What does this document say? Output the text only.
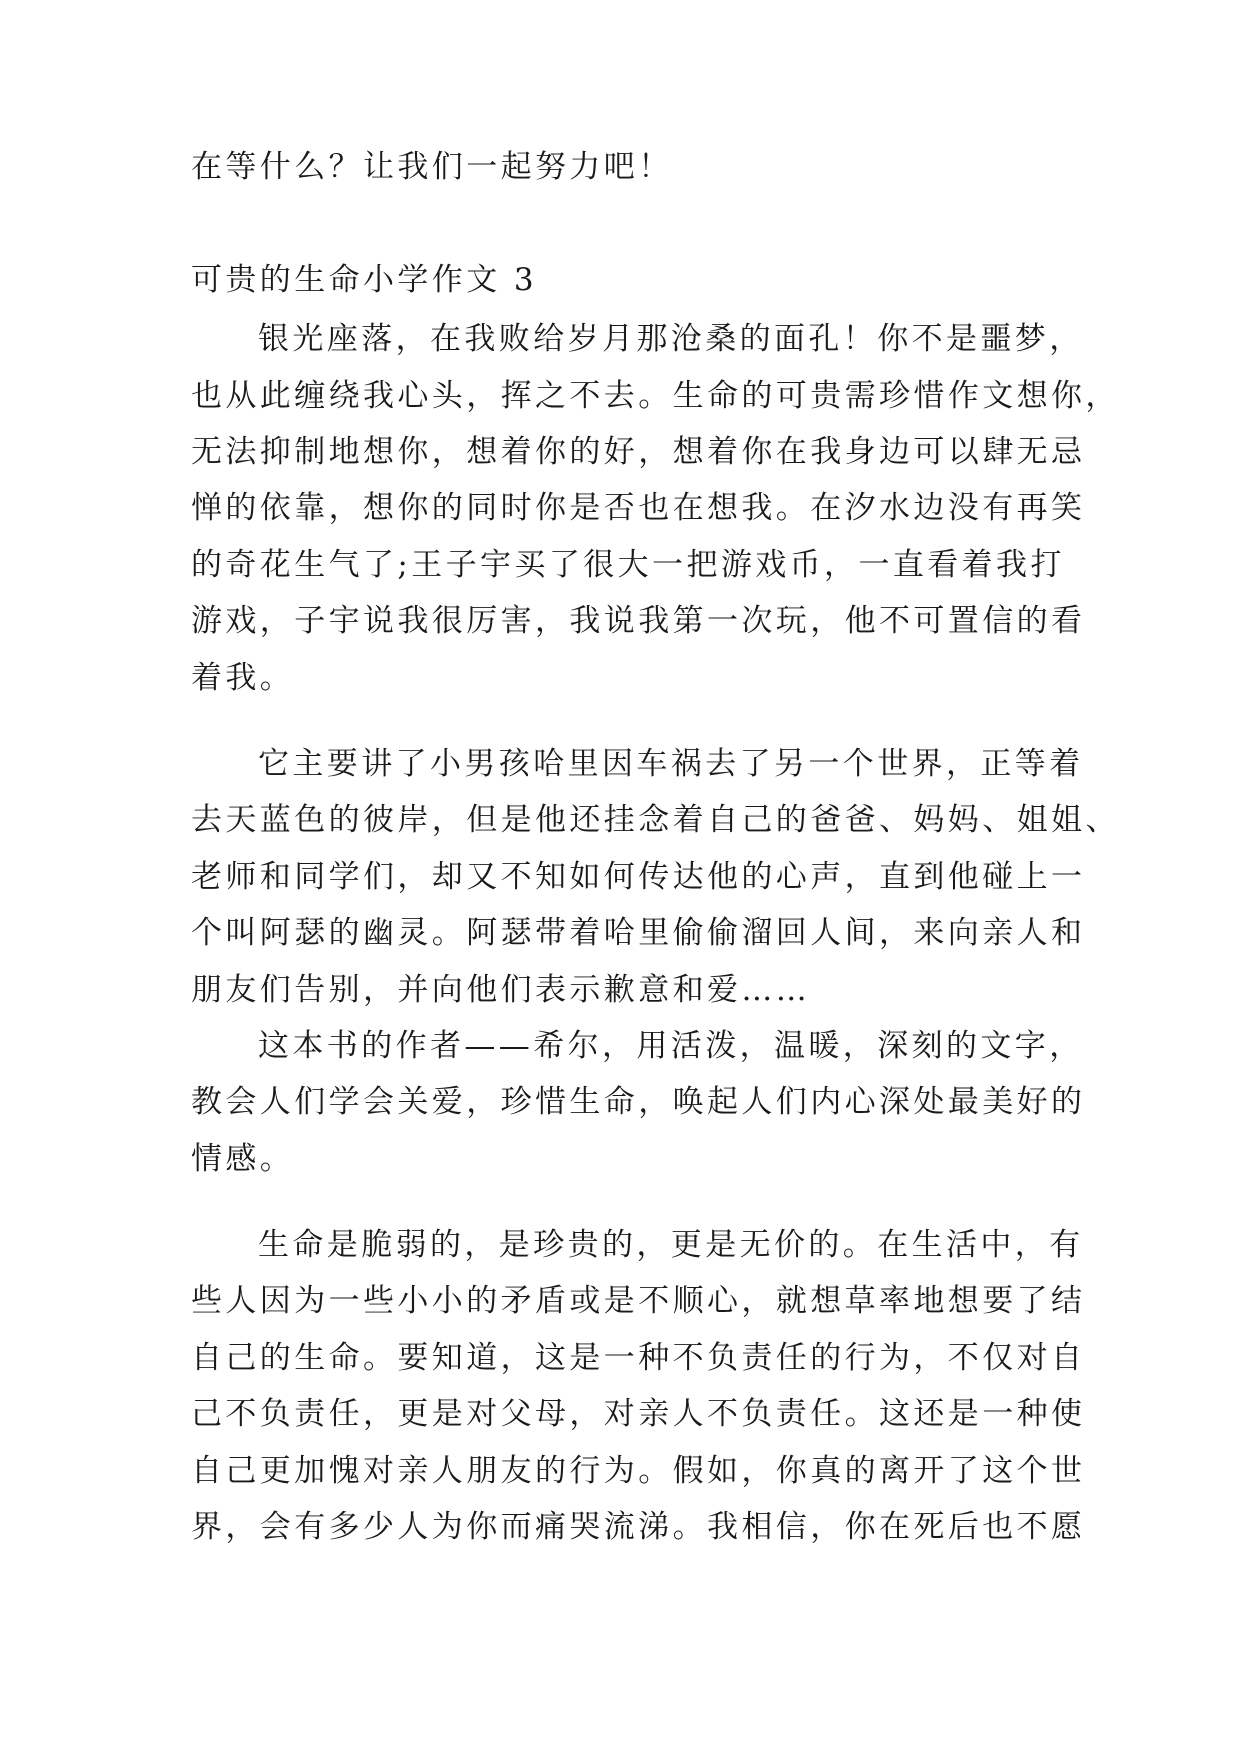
在等什么？让我们一起努力吧！
可贵的生命小学作文 3
银光座落，在我败给岁月那沧桑的面孔！你不是噩梦，
也从此缠绕我心头，挥之不去。生命的可贵需珍惜作文想你，
无法抑制地想你，想着你的好，想着你在我身边可以肆无忌
惮的依靠，想你的同时你是否也在想我。在汐水边没有再笑
的奇花生气了;王子宇买了很大一把游戏币，一直看着我打
游戏，子宇说我很厉害，我说我第一次玩，他不可置信的看
着我。
它主要讲了小男孩哈里因车祸去了另一个世界，正等着
去天蓝色的彼岸，但是他还挂念着自己的爸爸、妈妈、姐姐、
老师和同学们，却又不知如何传达他的心声，直到他碰上一
个叫阿瑟的幽灵。阿瑟带着哈里偷偷溜回人间，来向亲人和
朋友们告别，并向他们表示歉意和爱……
这本书的作者——希尔，用活泼，温暖，深刻的文字，
教会人们学会关爱，珍惜生命，唤起人们内心深处最美好的
情感。
生命是脆弱的，是珍贵的，更是无价的。在生活中，有
些人因为一些小小的矛盾或是不顺心，就想草率地想要了结
自己的生命。要知道，这是一种不负责任的行为，不仅对自
己不负责任，更是对父母，对亲人不负责任。这还是一种使
自己更加愧对亲人朋友的行为。假如，你真的离开了这个世
界，会有多少人为你而痛哭流涕。我相信，你在死后也不愿
